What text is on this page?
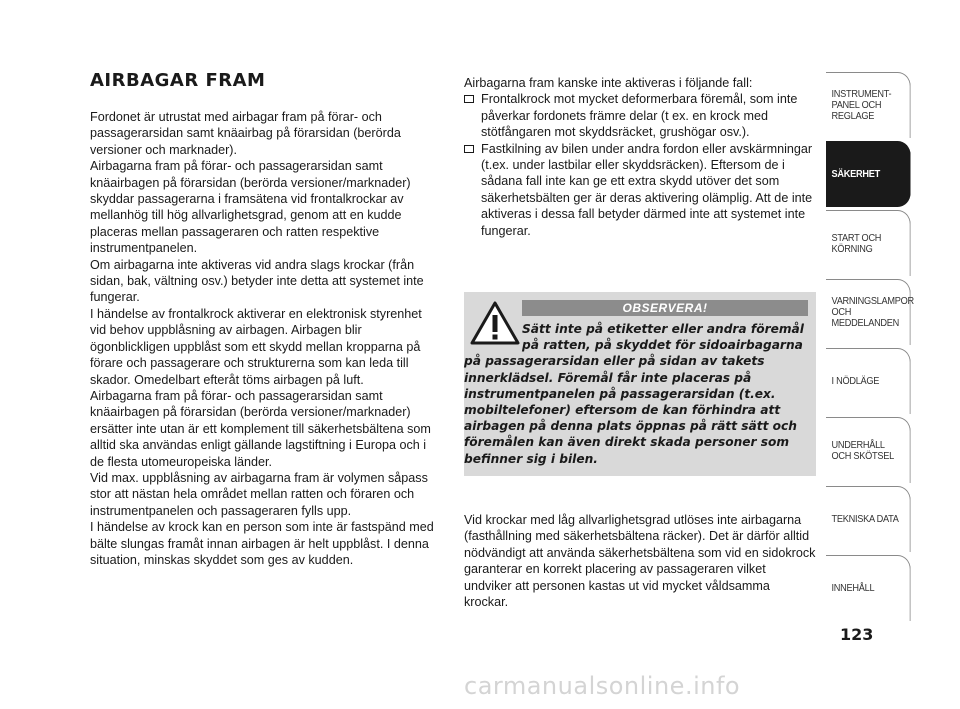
AIRBAGAR FRAM

Fordonet är utrustat med airbagar fram på förar- och passagerarsidan samt knäairbag på förarsidan (berörda versioner och marknader).

Airbagarna fram på förar- och passagerarsidan samt knäairbagen på förarsidan (berörda versioner/marknader) skyddar passagerarna i framsätena vid frontalkrockar av mellanhög till hög allvarlighetsgrad, genom att en kudde placeras mellan passageraren och ratten respektive instrumentpanelen.

Om airbagarna inte aktiveras vid andra slags krockar (från sidan, bak, vältning osv.) betyder inte detta att systemet inte fungerar.

I händelse av frontalkrock aktiverar en elektronisk styrenhet vid behov uppblåsning av airbagen. Airbagen blir ögonblickligen uppblåst som ett skydd mellan kropparna på förare och passagerare och strukturerna som kan leda till skador. Omedelbart efteråt töms airbagen på luft.

Airbagarna fram på förar- och passagerarsidan samt knäairbagen på förarsidan (berörda versioner/marknader) ersätter inte utan är ett komplement till säkerhetsbältena som alltid ska användas enligt gällande lagstiftning i Europa och i de flesta utomeuropeiska länder.

Vid max. uppblåsning av airbagarna fram är volymen såpass stor att nästan hela området mellan ratten och föraren och instrumentpanelen och passageraren fylls upp.

I händelse av krock kan en person som inte är fastspänd med bälte slungas framåt innan airbagen är helt uppblåst. I denna situation, minskas skyddet som ges av kudden.

Airbagarna fram kanske inte aktiveras i följande fall:

Frontalkrock mot mycket deformerbara föremål, som inte påverkar fordonets främre delar (t ex. en krock med stötfångaren mot skyddsräcket, grushögar osv.).
Fastkilning av bilen under andra fordon eller avskärmningar (t.ex. under lastbilar eller skyddsräcken). Eftersom de i sådana fall inte kan ge ett extra skydd utöver det som säkerhetsbälten ger är deras aktivering olämplig. Att de inte aktiveras i dessa fall betyder därmed inte att systemet inte fungerar.
OBSERVERA!
Sätt inte på etiketter eller andra föremål på ratten, på skyddet för sidoairbagarna
på passagerarsidan eller på sidan av takets innerklädsel. Föremål får inte placeras på instrumentpanelen på passagerarsidan (t.ex. mobiltelefoner) eftersom de kan förhindra att airbagen på denna plats öppnas på rätt sätt och föremålen kan även direkt skada personer som befinner sig i bilen.

Vid krockar med låg allvarlighetsgrad utlöses inte airbagarna (fasthållning med säkerhetsbältena räcker). Det är därför alltid nödvändigt att använda säkerhetsbältena som vid en sidokrock garanterar en korrekt placering av passageraren vilket undviker att personen kastas ut vid mycket våldsamma krockar.

INSTRUMENT-
PANEL OCH
REGLAGE
SÄKERHET
START OCH
KÖRNING
VARNINGSLAMPOR
OCH
MEDDELANDEN
I NÖDLÄGE
UNDERHÅLL
OCH SKÖTSEL
TEKNISKA DATA
INNEHÅLL
123
carmanualsonline.info
